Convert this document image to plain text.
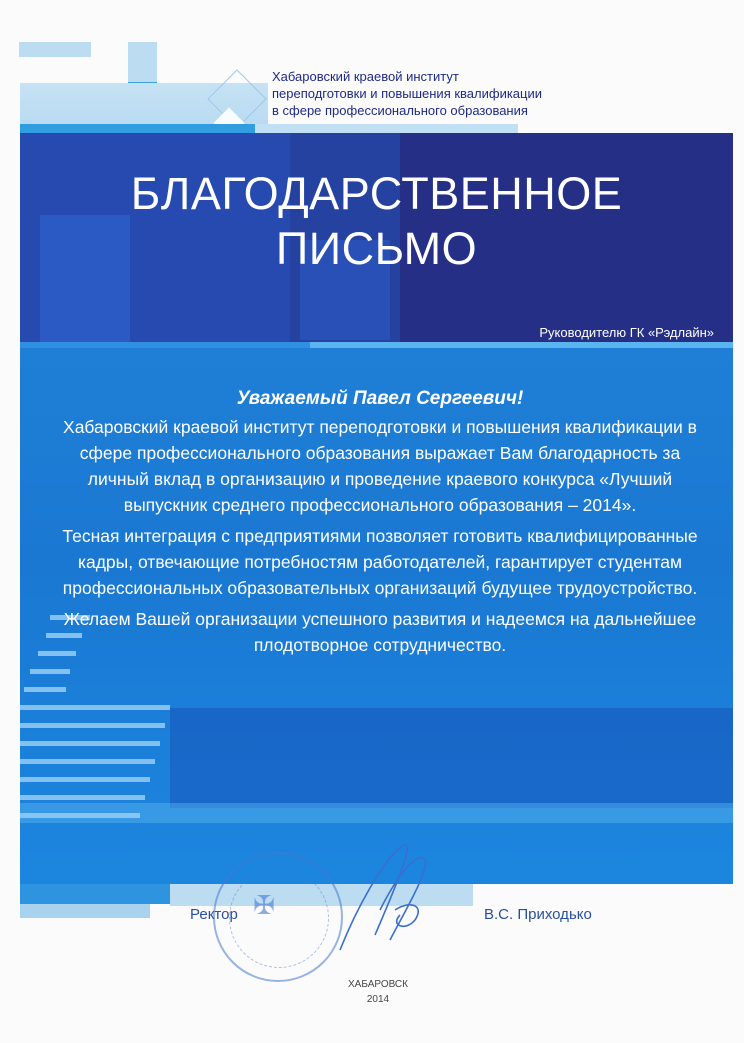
Хабаровский краевой институт
переподготовки и повышения квалификации
в сфере профессионального образования
БЛАГОДАРСТВЕННОЕ
ПИСЬМО
Руководителю ГК «Рэдлайн»
Уважаемый Павел Сергеевич!

Хабаровский краевой институт переподготовки и повышения квалификации в сфере профессионального образования выражает Вам благодарность за личный вклад в организацию и проведение краевого конкурса «Лучший выпускник среднего профессионального образования – 2014».

Тесная интеграция с предприятиями позволяет готовить квалифицированные кадры, отвечающие потребностям работодателей, гарантирует студентам профессиональных образовательных организаций будущее трудоустройство.

Желаем Вашей организации успешного развития и надеемся на дальнейшее плодотворное сотрудничество.

✠
Ректор	В.С. Приходько
ХАБАРОВСК
2014
